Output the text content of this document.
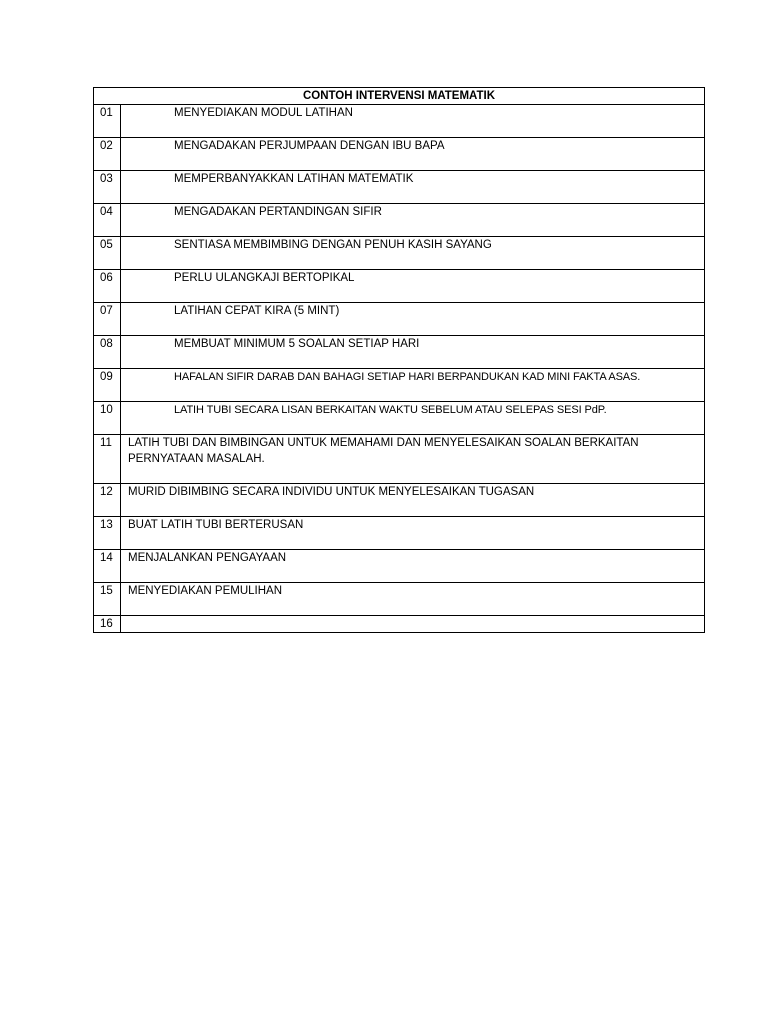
CONTOH INTERVENSI MATEMATIK	
01	MENYEDIAKAN MODUL LATIHAN
02	MENGADAKAN PERJUMPAAN DENGAN IBU BAPA
03	MEMPERBANYAKKAN LATIHAN MATEMATIK
04	MENGADAKAN PERTANDINGAN SIFIR
05	SENTIASA MEMBIMBING DENGAN PENUH KASIH SAYANG
06	PERLU ULANGKAJI BERTOPIKAL
07	LATIHAN CEPAT KIRA (5 MINT)
08	MEMBUAT MINIMUM 5 SOALAN SETIAP HARI
09	HAFALAN SIFIR DARAB DAN BAHAGI SETIAP HARI BERPANDUKAN KAD MINI FAKTA ASAS.
10	LATIH TUBI SECARA LISAN BERKAITAN WAKTU SEBELUM ATAU SELEPAS SESI PdP.
11	LATIH TUBI DAN BIMBINGAN UNTUK MEMAHAMI DAN MENYELESAIKAN SOALAN BERKAITAN PERNYATAAN MASALAH.
12	MURID DIBIMBING SECARA INDIVIDU UNTUK MENYELESAIKAN TUGASAN
13	BUAT LATIH TUBI BERTERUSAN
14	MENJALANKAN PENGAYAAN
15	MENYEDIAKAN PEMULIHAN
16	
